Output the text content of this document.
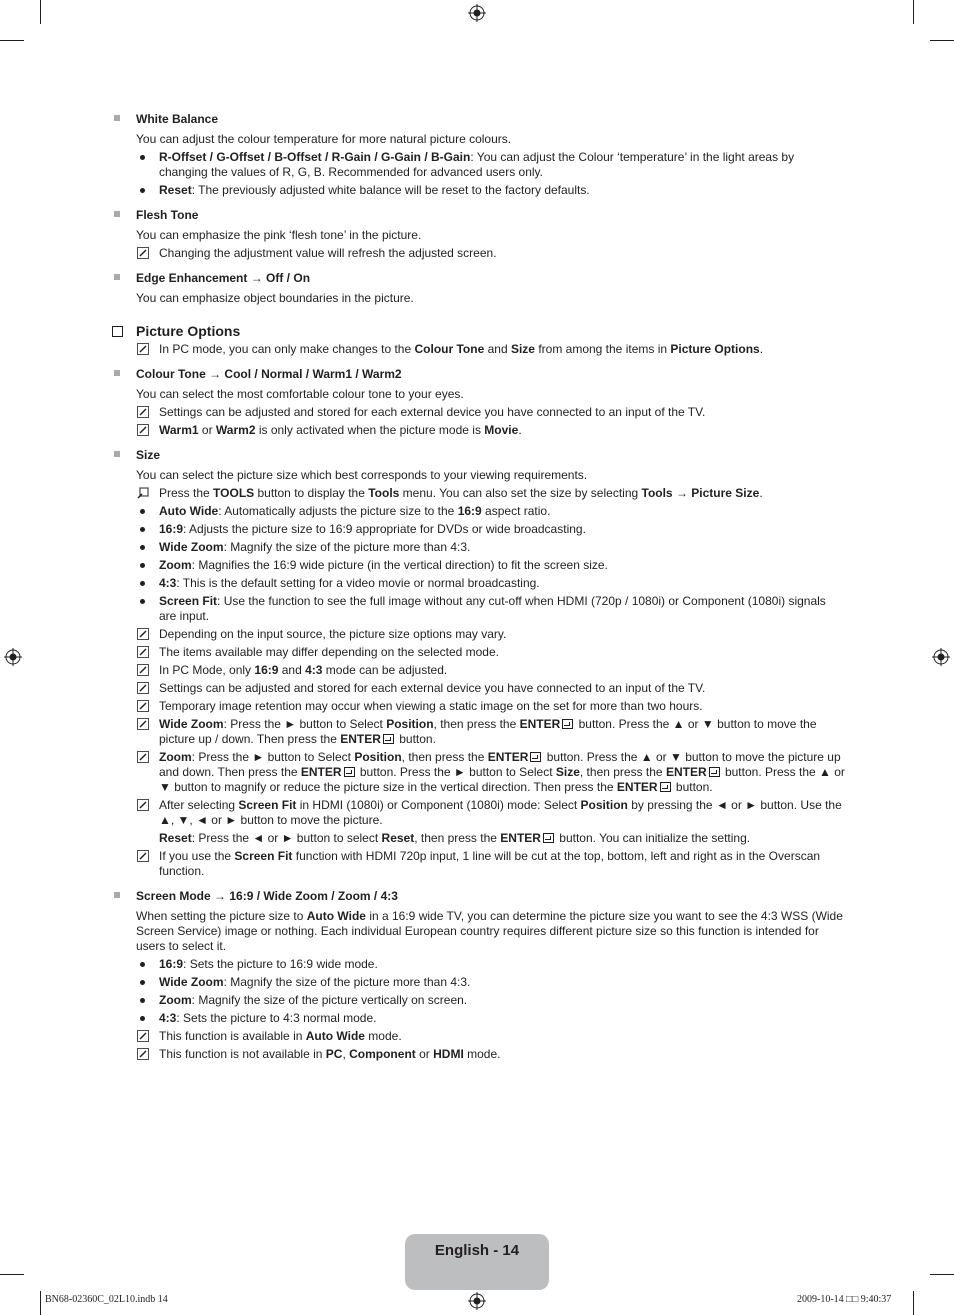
White Balance
You can adjust the colour temperature for more natural picture colours.
R-Offset / G-Offset / B-Offset / R-Gain / G-Gain / B-Gain: You can adjust the Colour ‘temperature’ in the light areas by changing the values of R, G, B. Recommended for advanced users only.
Reset: The previously adjusted white balance will be reset to the factory defaults.
Flesh Tone
You can emphasize the pink ‘flesh tone’ in the picture.
Changing the adjustment value will refresh the adjusted screen.
Edge Enhancement → Off / On
You can emphasize object boundaries in the picture.
Picture Options
In PC mode, you can only make changes to the Colour Tone and Size from among the items in Picture Options.
Colour Tone → Cool / Normal / Warm1 / Warm2
You can select the most comfortable colour tone to your eyes.
Settings can be adjusted and stored for each external device you have connected to an input of the TV.
Warm1 or Warm2 is only activated when the picture mode is Movie.
Size
You can select the picture size which best corresponds to your viewing requirements.
Press the TOOLS button to display the Tools menu. You can also set the size by selecting Tools → Picture Size.
Auto Wide: Automatically adjusts the picture size to the 16:9 aspect ratio.
16:9: Adjusts the picture size to 16:9 appropriate for DVDs or wide broadcasting.
Wide Zoom: Magnify the size of the picture more than 4:3.
Zoom: Magnifies the 16:9 wide picture (in the vertical direction) to fit the screen size.
4:3: This is the default setting for a video movie or normal broadcasting.
Screen Fit: Use the function to see the full image without any cut-off when HDMI (720p / 1080i) or Component (1080i) signals are input.
Depending on the input source, the picture size options may vary.
The items available may differ depending on the selected mode.
In PC Mode, only 16:9 and 4:3 mode can be adjusted.
Settings can be adjusted and stored for each external device you have connected to an input of the TV.
Temporary image retention may occur when viewing a static image on the set for more than two hours.
Wide Zoom: Press the ► button to Select Position, then press the ENTER button. Press the ▲ or ▼ button to move the picture up / down. Then press the ENTER button.
Zoom: Press the ► button to Select Position, then press the ENTER button. Press the ▲ or ▼ button to move the picture up and down. Then press the ENTER button. Press the ► button to Select Size, then press the ENTER button. Press the ▲ or ▼ button to magnify or reduce the picture size in the vertical direction. Then press the ENTER button.
After selecting Screen Fit in HDMI (1080i) or Component (1080i) mode: Select Position by pressing the ◄ or ► button. Use the ▲, ▼, ◄ or ► button to move the picture.
Reset: Press the ◄ or ► button to select Reset, then press the ENTER button. You can initialize the setting.
If you use the Screen Fit function with HDMI 720p input, 1 line will be cut at the top, bottom, left and right as in the Overscan function.
Screen Mode → 16:9 / Wide Zoom / Zoom / 4:3
When setting the picture size to Auto Wide in a 16:9 wide TV, you can determine the picture size you want to see the 4:3 WSS (Wide Screen Service) image or nothing. Each individual European country requires different picture size so this function is intended for users to select it.
16:9: Sets the picture to 16:9 wide mode.
Wide Zoom: Magnify the size of the picture more than 4:3.
Zoom: Magnify the size of the picture vertically on screen.
4:3: Sets the picture to 4:3 normal mode.
This function is available in Auto Wide mode.
This function is not available in PC, Component or HDMI mode.
English - 14
BN68-02360C_02L10.indb 14	2009-10-14 □□ 9:40:37
